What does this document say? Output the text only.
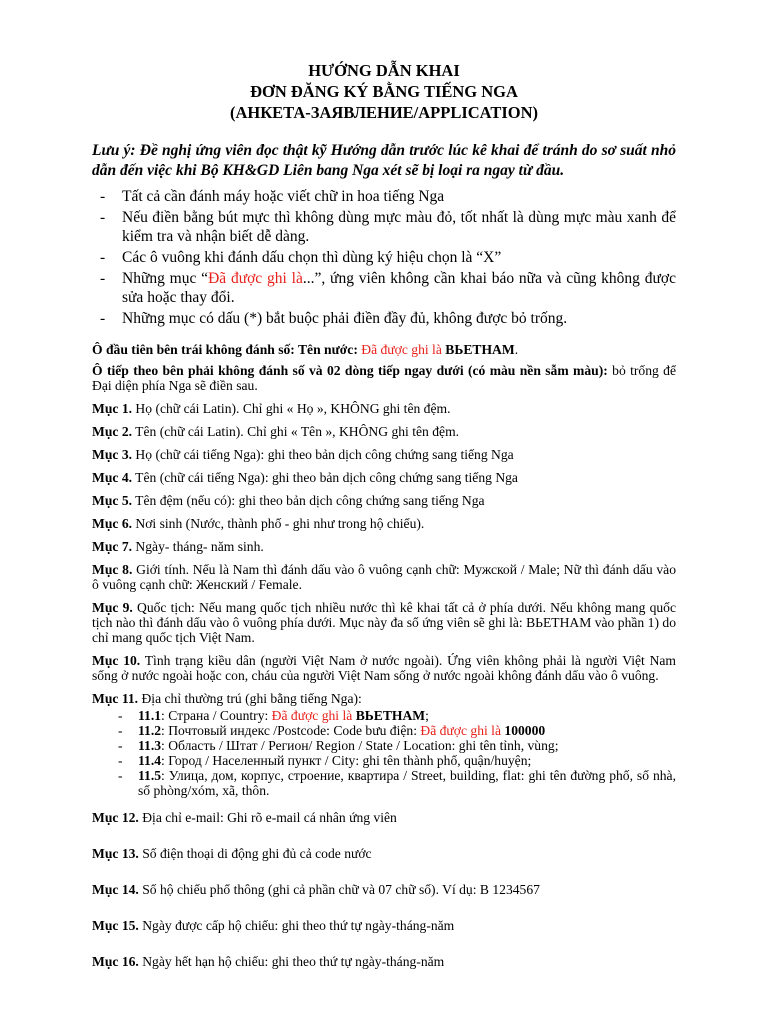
HƯỚNG DẪN KHAI

ĐƠN ĐĂNG KÝ BẰNG TIẾNG NGA

(АНКЕТА-ЗАЯВЛЕНИЕ/APPLICATION)

Lưu ý: Đề nghị ứng viên đọc thật kỹ Hướng dẫn trước lúc kê khai để tránh do sơ suất nhỏ dẫn đến việc khi Bộ KH&GD Liên bang Nga xét sẽ bị loại ra ngay từ đầu.

- Tất cả cần đánh máy hoặc viết chữ in hoa tiếng Nga
- Nếu điền bằng bút mực thì không dùng mực màu đỏ, tốt nhất là dùng mực màu xanh để kiểm tra và nhận biết dễ dàng.
- Các ô vuông khi đánh dấu chọn thì dùng ký hiệu chọn là “X”
- Những mục “Đã được ghi là...”, ứng viên không cần khai báo nữa và cũng không được sửa hoặc thay đổi.
- Những mục có dấu (*) bắt buộc phải điền đầy đủ, không được bỏ trống.

Ô đầu tiên bên trái không đánh số: Tên nước: Đã được ghi là ВЬЕТНАМ.

Ô tiếp theo bên phải không đánh số và 02 dòng tiếp ngay dưới (có màu nền sẫm màu): bỏ trống để Đại diện phía Nga sẽ điền sau.

Mục 1. Họ (chữ cái Latin). Chỉ ghi « Họ », KHÔNG ghi tên đệm.

Mục 2. Tên (chữ cái Latin). Chỉ ghi « Tên », KHÔNG ghi tên đệm.

Mục 3. Họ (chữ cái tiếng Nga): ghi theo bản dịch công chứng sang tiếng Nga

Mục 4. Tên (chữ cái tiếng Nga): ghi theo bản dịch công chứng sang tiếng Nga

Mục 5. Tên đệm (nếu có): ghi theo bản dịch công chứng sang tiếng Nga

Mục 6. Nơi sinh (Nước, thành phố - ghi như trong hộ chiếu).

Mục 7. Ngày- tháng- năm sinh.

Mục 8. Giới tính. Nếu là Nam thì đánh dấu vào ô vuông cạnh chữ: Мужской / Male; Nữ thì đánh dấu vào ô vuông cạnh chữ: Женский / Female.

Mục 9. Quốc tịch: Nếu mang quốc tịch nhiều nước thì kê khai tất cả ở phía dưới. Nếu không mang quốc tịch nào thì đánh dấu vào ô vuông phía dưới. Mục này đa số ứng viên sẽ ghi là: ВЬЕТНАМ vào phần 1) do chỉ mang quốc tịch Việt Nam.

Mục 10. Tình trạng kiều dân (người Việt Nam ở nước ngoài). Ứng viên không phải là người Việt Nam sống ở nước ngoài hoặc con, cháu của người Việt Nam sống ở nước ngoài không đánh dấu vào ô vuông.

Mục 11. Địa chỉ thường trú (ghi bằng tiếng Nga):

- 11.1: Страна / Country: Đã được ghi là ВЬЕТНАМ;
- 11.2: Почтовый индекс /Postcode: Code bưu điện: Đã được ghi là 100000
- 11.3: Область / Штат / Регион/ Region / State / Location: ghi tên tỉnh, vùng;
- 11.4: Город / Населенный пункт / City: ghi tên thành phố, quận/huyện;
- 11.5: Улица, дом, корпус, строение, квартира / Street, building, flat: ghi tên đường phố, số nhà, số phòng/xóm, xã, thôn.

Mục 12. Địa chỉ e-mail: Ghi rõ e-mail cá nhân ứng viên

Mục 13. Số điện thoại di động ghi đủ cả code nước

Mục 14. Số hộ chiếu phổ thông (ghi cả phần chữ và 07 chữ số). Ví dụ: B 1234567

Mục 15. Ngày được cấp hộ chiếu: ghi theo thứ tự ngày-tháng-năm

Mục 16. Ngày hết hạn hộ chiếu: ghi theo thứ tự ngày-tháng-năm
